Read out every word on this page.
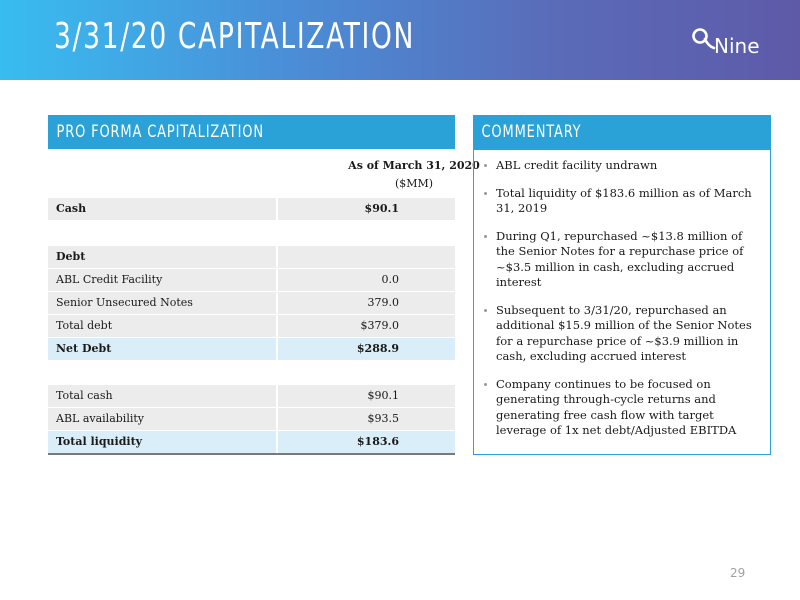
3/31/20 CAPITALIZATION	Nine
PRO FORMA CAPITALIZATION
As of March 31, 2020
($MM)
Cash	$90.1
Debt
ABL Credit Facility	0.0
Senior Unsecured Notes	379.0
Total debt	$379.0
Net Debt	$288.9
Total cash	$90.1
ABL availability	$93.5
Total liquidity	$183.6
COMMENTARY
ABL credit facility undrawn
Total liquidity of $183.6 million as of March 31, 2019
During Q1, repurchased ~$13.8 million of the Senior Notes for a repurchase price of ~$3.5 million in cash, excluding accrued interest
Subsequent to 3/31/20, repurchased an additional $15.9 million of the Senior Notes for a repurchase price of ~$3.9 million in cash, excluding accrued interest
Company continues to be focused on generating through-cycle returns and generating free cash flow with target leverage of 1x net debt/Adjusted EBITDA
29
